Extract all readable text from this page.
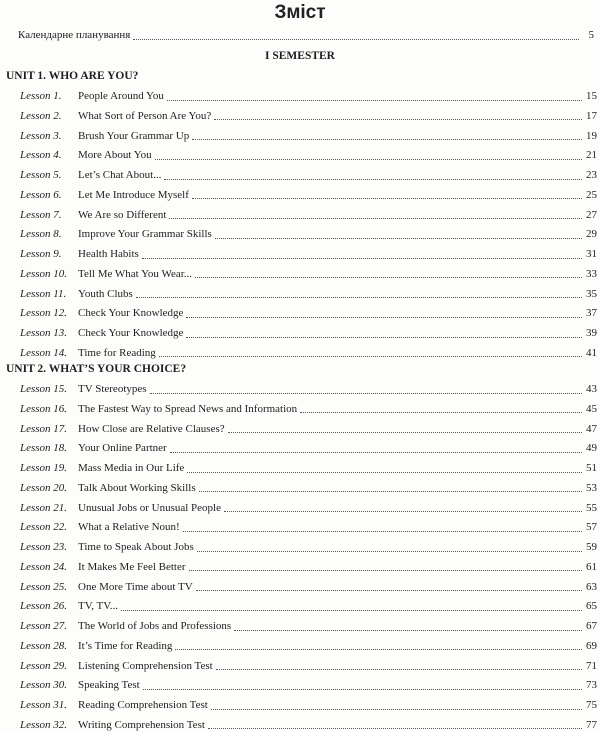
Зміст
Календарне планування	5
I SEMESTER
UNIT 1. WHO ARE YOU?
Lesson 1.	People Around You	15
Lesson 2.	What Sort of Person Are You?	17
Lesson 3.	Brush Your Grammar Up	19
Lesson 4.	More About You	21
Lesson 5.	Let’s Chat About...	23
Lesson 6.	Let Me Introduce Myself	25
Lesson 7.	We Are so Different	27
Lesson 8.	Improve Your Grammar Skills	29
Lesson 9.	Health Habits	31
Lesson 10. Tell Me What You Wear...	33
Lesson 11.	Youth Clubs	35
Lesson 12. Check Your Knowledge	37
Lesson 13. Check Your Knowledge	39
Lesson 14. Time for Reading	41
UNIT 2. WHAT’S YOUR CHOICE?
Lesson 15. TV Stereotypes	43
Lesson 16. The Fastest Way to Spread News and Information	45
Lesson 17. How Close are Relative Clauses?	47
Lesson 18. Your Online Partner	49
Lesson 19. Mass Media in Our Life	51
Lesson 20. Talk About Working Skills	53
Lesson 21. Unusual Jobs or Unusual People	55
Lesson 22. What a Relative Noun!	57
Lesson 23. Time to Speak About Jobs	59
Lesson 24. It Makes Me Feel Better	61
Lesson 25. One More Time about TV	63
Lesson 26. TV, TV...	65
Lesson 27. The World of Jobs and Professions	67
Lesson 28. It’s Time for Reading	69
Lesson 29. Listening Comprehension Test	71
Lesson 30. Speaking Test	73
Lesson 31. Reading Comprehension Test	75
Lesson 32. Writing Comprehension Test	77
